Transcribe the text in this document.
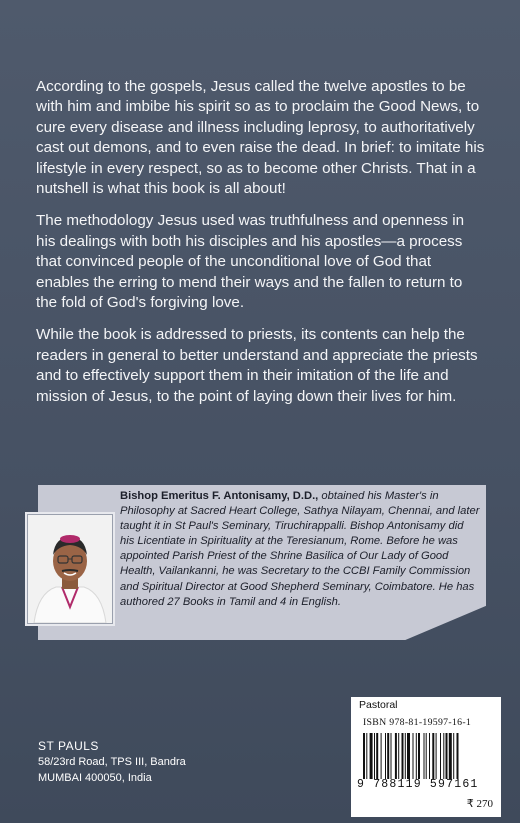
According to the gospels, Jesus called the twelve apostles to be with him and imbibe his spirit so as to proclaim the Good News, to cure every disease and illness including leprosy, to authoritatively cast out demons, and to even raise the dead. In brief: to imitate his lifestyle in every respect, so as to become other Christs. That in a nutshell is what this book is all about!

The methodology Jesus used was truthfulness and openness in his dealings with both his disciples and his apostles—a process that convinced people of the unconditional love of God that enables the erring to mend their ways and the fallen to return to the fold of God's forgiving love.

While the book is addressed to priests, its contents can help the readers in general to better understand and appreciate the priests and to effectively support them in their imitation of the life and mission of Jesus, to the point of laying down their lives for him.

Bishop Emeritus F. Antonisamy, D.D., obtained his Master's in Philosophy at Sacred Heart College, Sathya Nilayam, Chennai, and later taught it in St Paul's Seminary, Tiruchirappalli. Bishop Antonisamy did his Licentiate in Spirituality at the Teresianum, Rome. Before he was appointed Parish Priest of the Shrine Basilica of Our Lady of Good Health, Vailankanni, he was Secretary to the CCBI Family Commission and Spiritual Director at Good Shepherd Seminary, Coimbatore. He has authored 27 Books in Tamil and 4 in English.

ST PAULS
58/23rd Road, TPS III, Bandra
MUMBAI 400050, India
Pastoral
ISBN 978-81-19597-16-1
9 788119 597161
₹ 270
